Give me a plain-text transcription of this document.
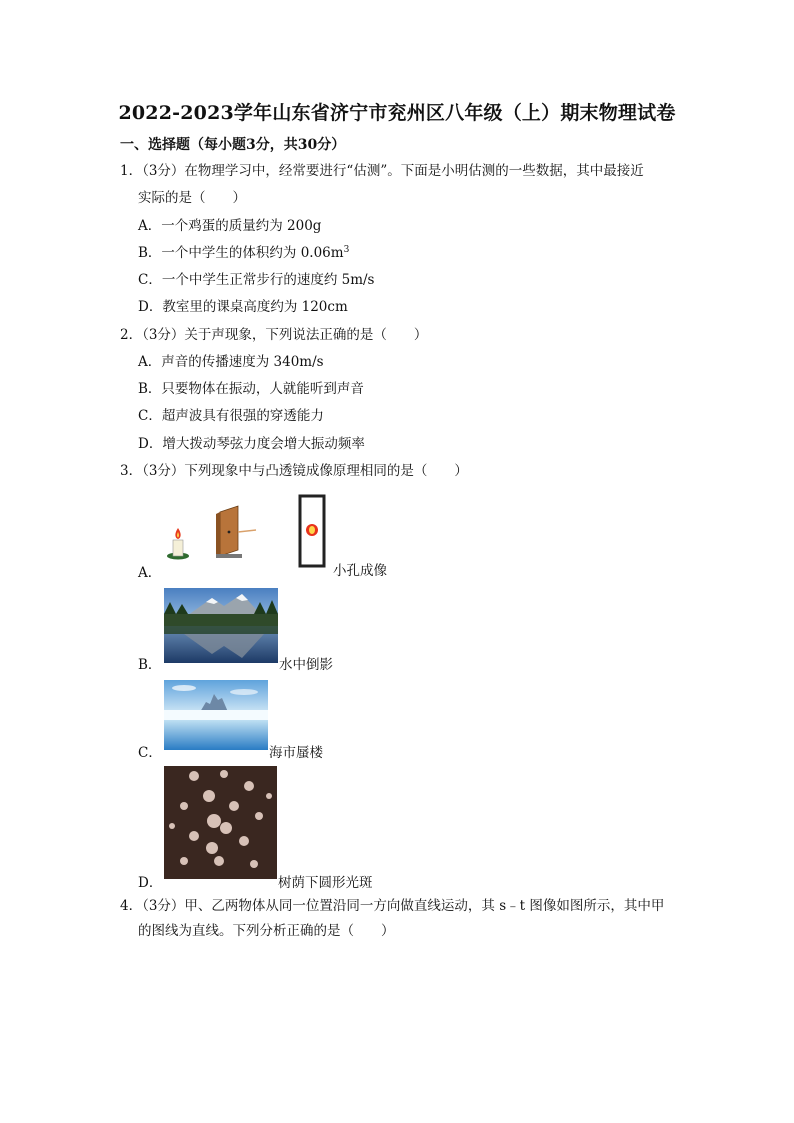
2022-2023学年山东省济宁市兖州区八年级（上）期末物理试卷
一、选择题（每小题3分，共30分）
1．（3分）在物理学习中，经常要进行“估测”。下面是小明估测的一些数据，其中最接近
实际的是（　　）
A．一个鸡蛋的质量约为 200g
B．一个中学生的体积约为 $0.06m^3$
C．一个中学生正常步行的速度约 5m/s
D．教室里的课桌高度约为 120cm
2．（3分）关于声现象，下列说法正确的是（　　）
A．声音的传播速度为 340m/s
B．只要物体在振动，人就能听到声音
C．超声波具有很强的穿透能力
D．增大拨动琴弦力度会增大振动频率
3．（3分）下列现象中与凸透镜成像原理相同的是（　　）
A．	小孔成像
B．	水中倒影
C．	海市蜃楼
D．	树荫下圆形光斑
4．（3分）甲、乙两物体从同一位置沿同一方向做直线运动，其 s﹣t 图像如图所示，其中甲
的图线为直线。下列分析正确的是（　　）
